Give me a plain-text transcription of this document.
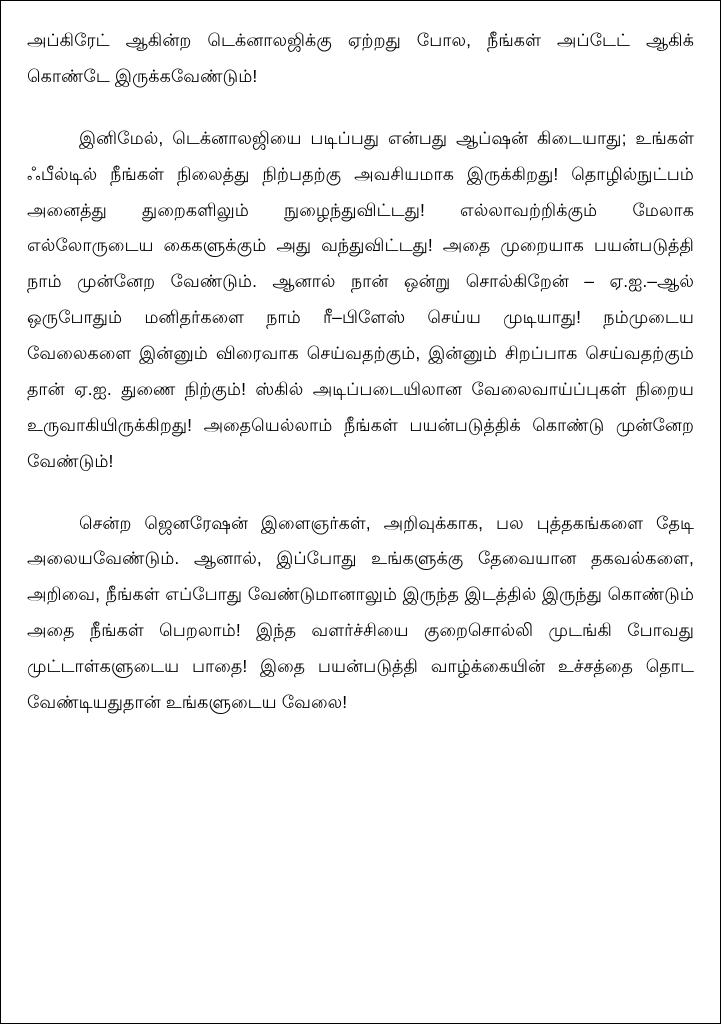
அப்கிரேட் ஆகின்ற டெக்னாலஜிக்கு ஏற்றது போல, நீங்கள் அப்டேட் ஆகிக் கொண்டே இருக்கவேண்டும்!

இனிமேல், டெக்னாலஜியை படிப்பது என்பது ஆப்ஷன் கிடையாது; உங்கள் ஃபீல்டில் நீங்கள் நிலைத்து நிற்பதற்கு அவசியமாக இருக்கிறது! தொழில்நுட்பம் அனைத்து துறைகளிலும் நுழைந்துவிட்டது! எல்லாவற்றிக்கும் மேலாக எல்லோருடைய கைகளுக்கும் அது வந்துவிட்டது! அதை முறையாக பயன்படுத்தி நாம் முன்னேற வேண்டும். ஆனால் நான் ஒன்று சொல்கிறேன் – ஏ.ஐ.–ஆல் ஒருபோதும் மனிதர்களை நாம் ரீ–பிளேஸ் செய்ய முடியாது! நம்முடைய வேலைகளை இன்னும் விரைவாக செய்வதற்கும், இன்னும் சிறப்பாக செய்வதற்கும் தான் ஏ.ஐ. துணை நிற்கும்! ஸ்கில் அடிப்படையிலான வேலைவாய்ப்புகள் நிறைய உருவாகியிருக்கிறது! அதையெல்லாம் நீங்கள் பயன்படுத்திக் கொண்டு முன்னேற வேண்டும்!

சென்ற ஜெனரேஷன் இளைஞர்கள், அறிவுக்காக, பல புத்தகங்களை தேடி அலையவேண்டும். ஆனால், இப்போது உங்களுக்கு தேவையான தகவல்களை, அறிவை, நீங்கள் எப்போது வேண்டுமானாலும் இருந்த இடத்தில் இருந்து கொண்டும் அதை நீங்கள் பெறலாம்! இந்த வளர்ச்சியை குறைசொல்லி முடங்கி போவது முட்டாள்களுடைய பாதை! இதை பயன்படுத்தி வாழ்க்கையின் உச்சத்தை தொட வேண்டியதுதான் உங்களுடைய வேலை!
